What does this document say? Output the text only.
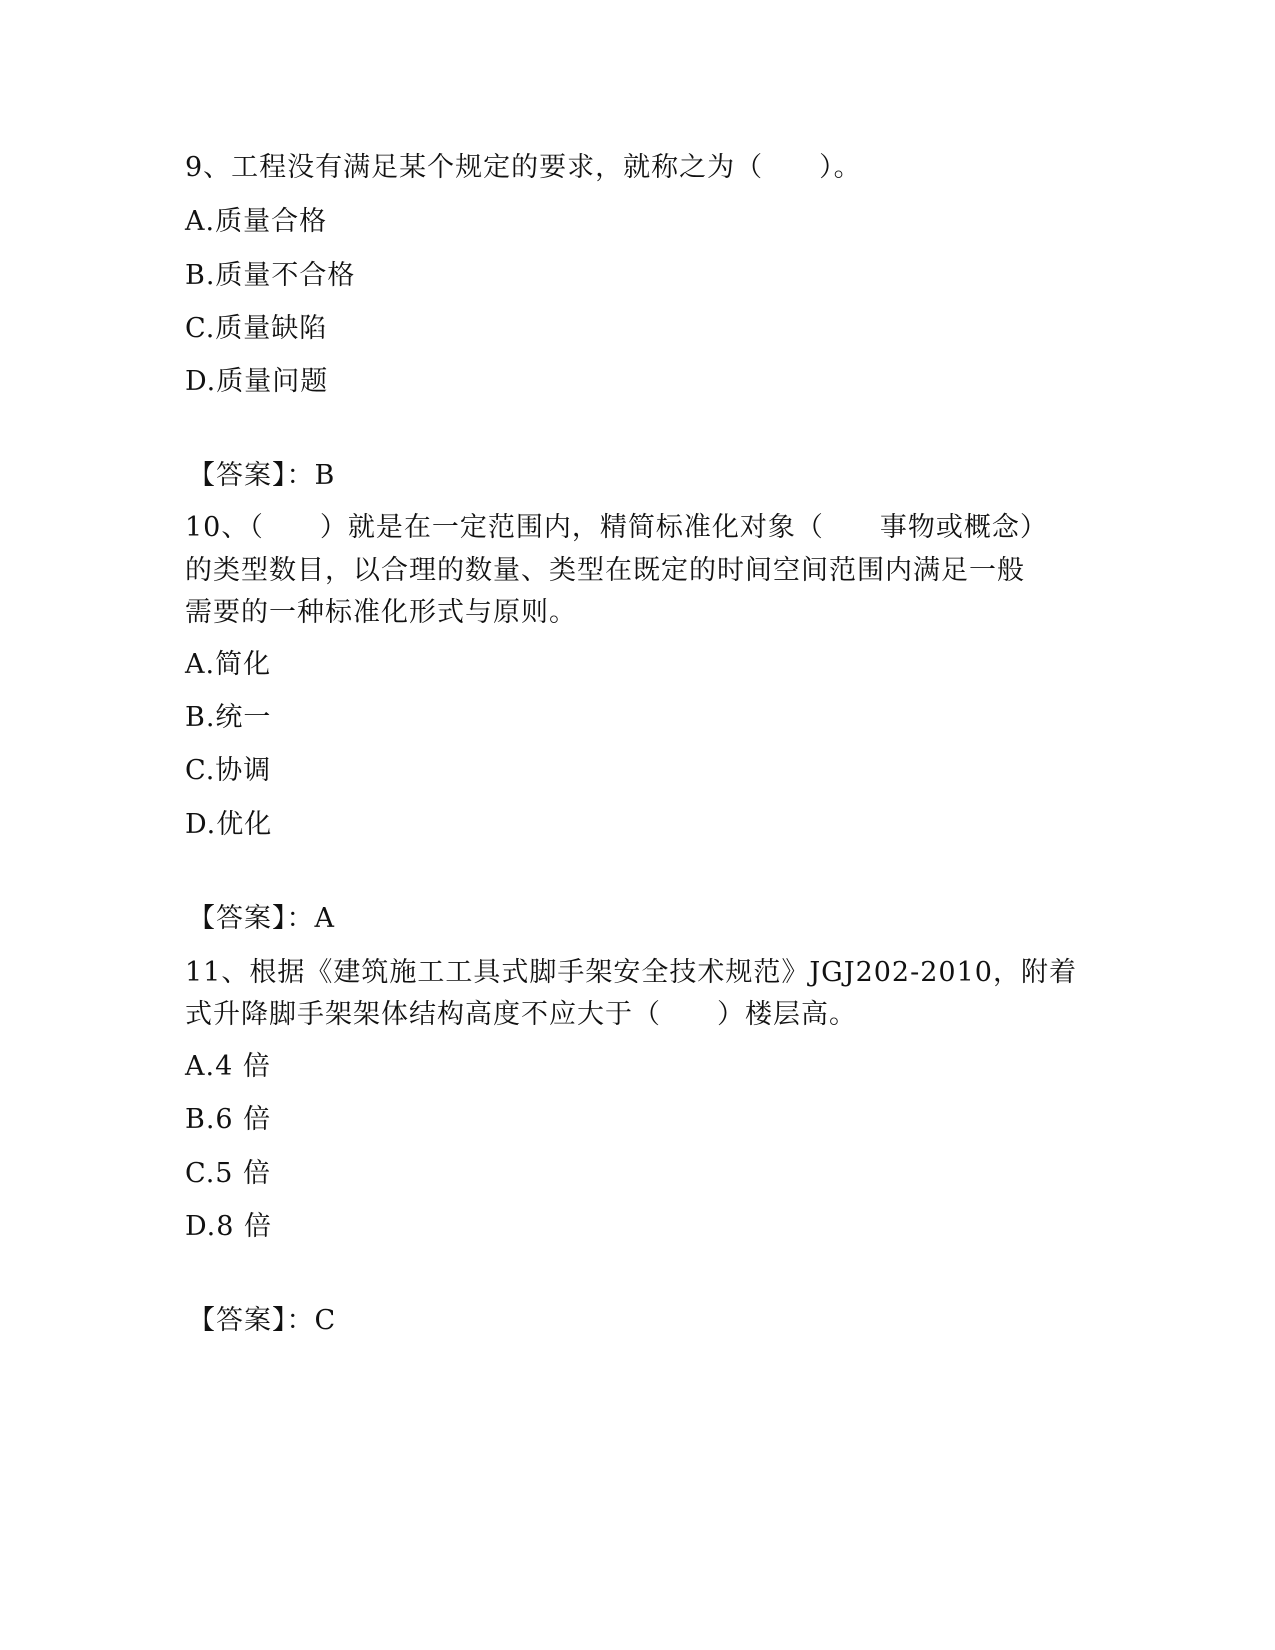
9、工程没有满足某个规定的要求，就称之为（　　）。
A.质量合格
B.质量不合格
C.质量缺陷
D.质量问题
【答案】：B
10、（　　）就是在一定范围内，精简标准化对象（　　事物或概念）
的类型数目，以合理的数量、类型在既定的时间空间范围内满足一般
需要的一种标准化形式与原则。
A.简化
B.统一
C.协调
D.优化
【答案】：A
11、根据《建筑施工工具式脚手架安全技术规范》JGJ202-2010，附着
式升降脚手架架体结构高度不应大于（　　）楼层高。
A.4 倍
B.6 倍
C.5 倍
D.8 倍
【答案】：C
